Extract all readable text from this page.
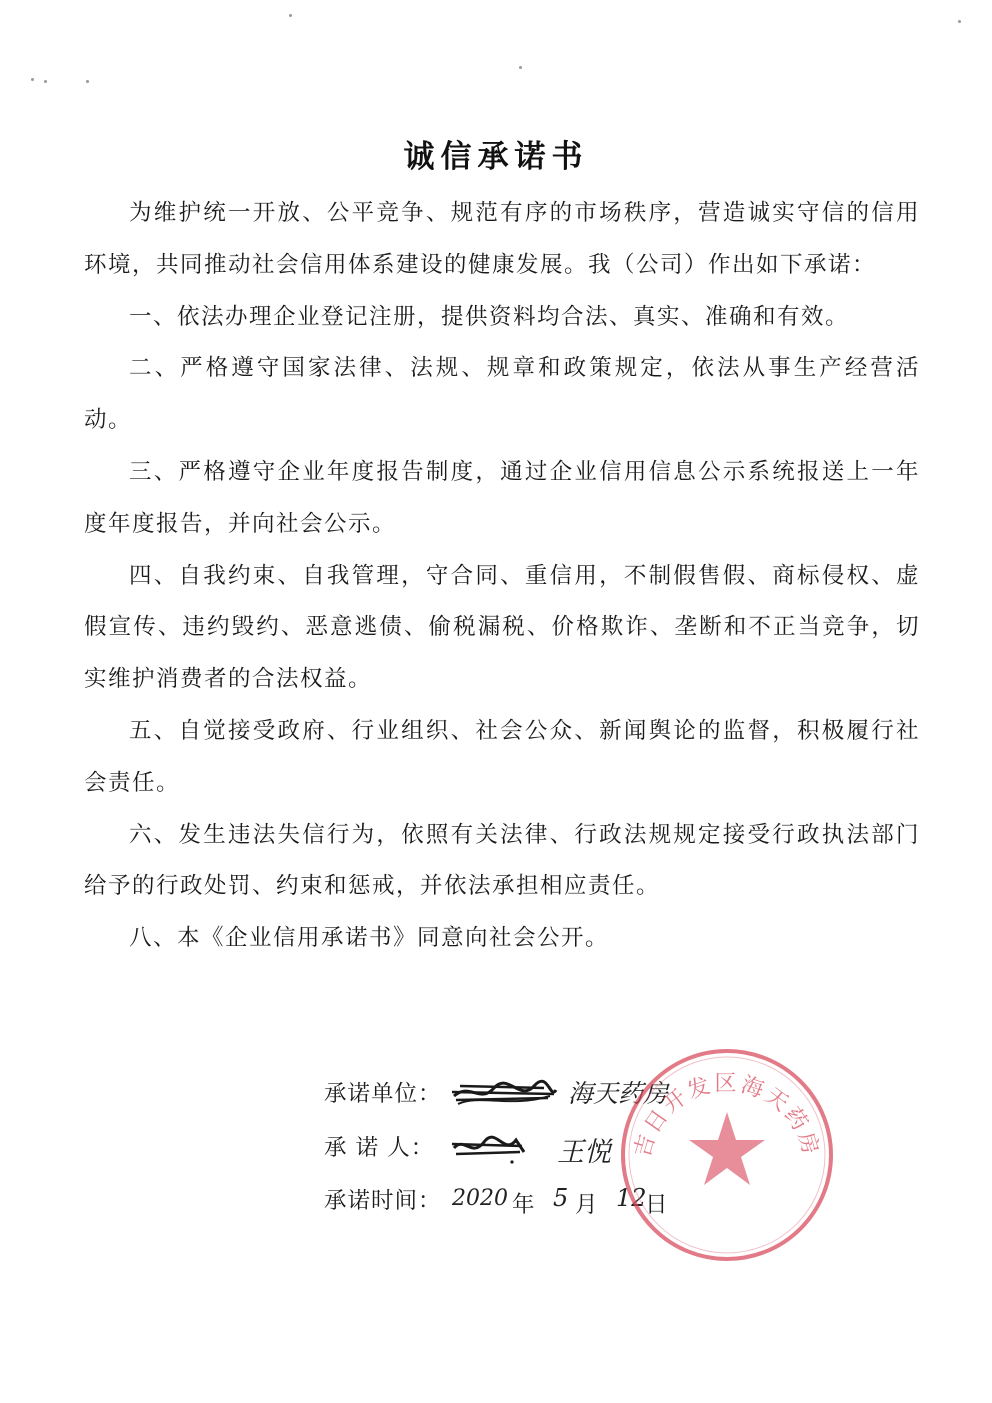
诚信承诺书

为维护统一开放、公平竞争、规范有序的市场秩序，营造诚实守信的信用环境，共同推动社会信用体系建设的健康发展。我（公司）作出如下承诺：

一、依法办理企业登记注册，提供资料均合法、真实、准确和有效。

二、严格遵守国家法律、法规、规章和政策规定，依法从事生产经营活动。

三、严格遵守企业年度报告制度，通过企业信用信息公示系统报送上一年度年度报告，并向社会公示。

四、自我约束、自我管理，守合同、重信用，不制假售假、商标侵权、虚假宣传、违约毁约、恶意逃债、偷税漏税、价格欺诈、垄断和不正当竞争，切实维护消费者的合法权益。

五、自觉接受政府、行业组织、社会公众、新闻舆论的监督，积极履行社会责任。

六、发生违法失信行为，依照有关法律、行政法规规定接受行政执法部门给予的行政处罚、约束和惩戒，并依法承担相应责任。

八、本《企业信用承诺书》同意向社会公开。

承诺单位：	海天药房
承 诺 人：	王悦
承诺时间： 2020 年 5 月 12
日
吉日开发区海天药房
